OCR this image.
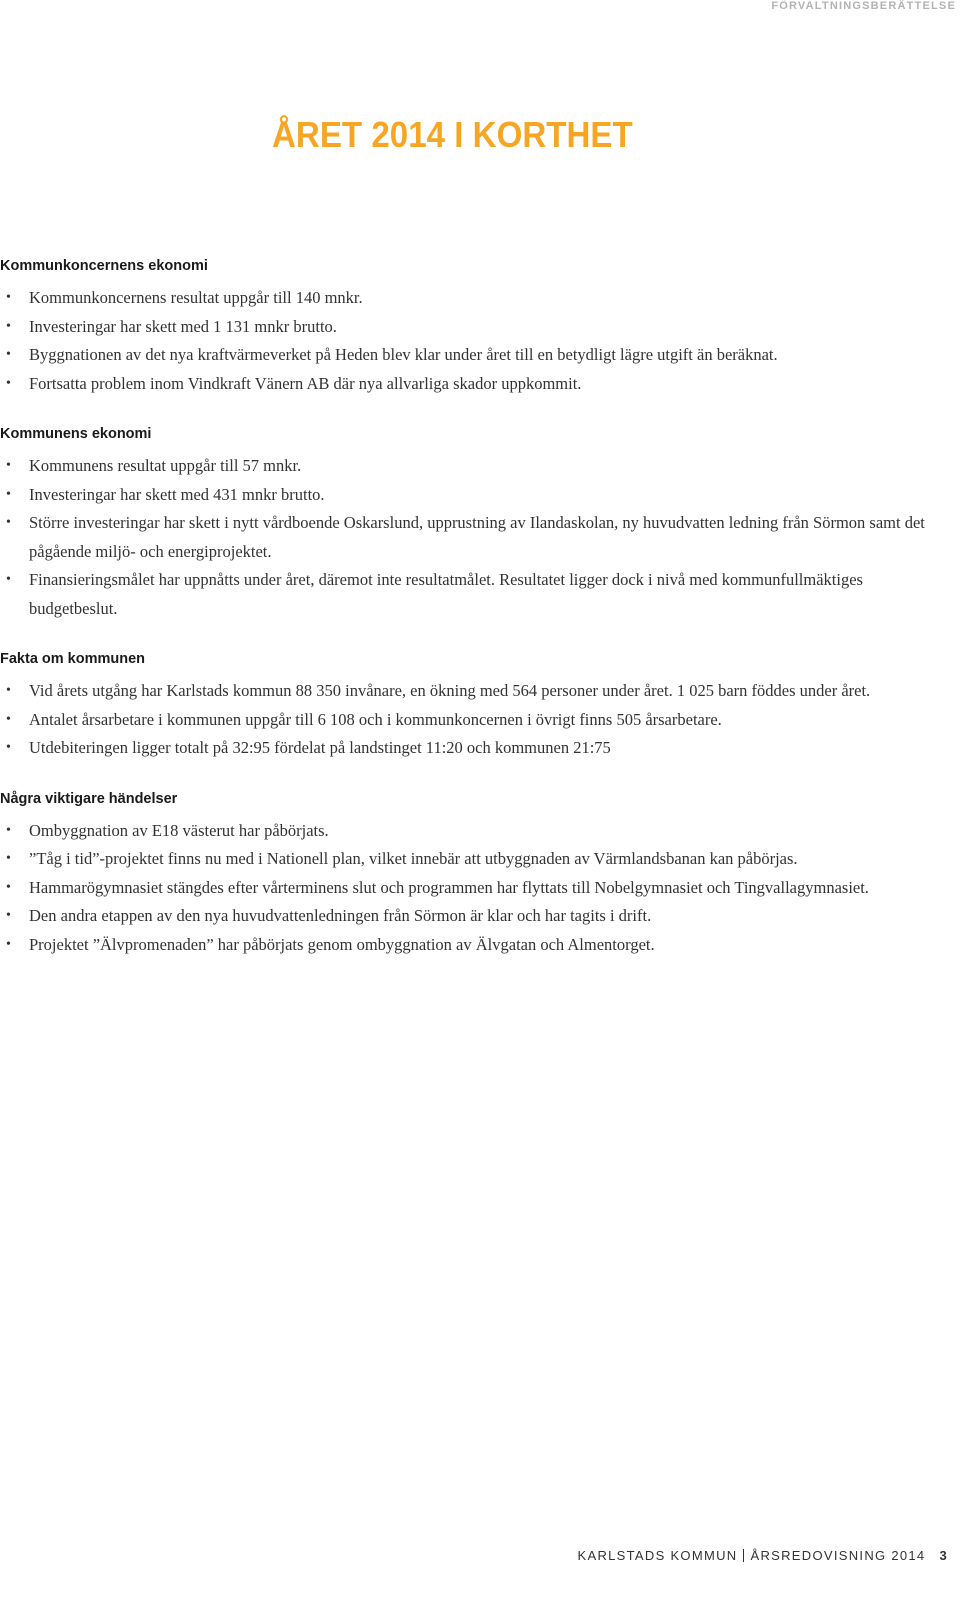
FÖRVALTNINGSBERÄTTELSE
ÅRET 2014 I KORTHET
Kommunkoncernens ekonomi
• Kommunkoncernens resultat uppgår till 140 mnkr.
• Investeringar har skett med 1 131 mnkr brutto.
• Byggnationen av det nya kraftvärmeverket på Heden blev klar under året till en betydligt lägre utgift än beräknat.
• Fortsatta problem inom Vindkraft Vänern AB där nya allvarliga skador uppkommit.
Kommunens ekonomi
• Kommunens resultat uppgår till 57 mnkr.
• Investeringar har skett med 431 mnkr brutto.
• Större investeringar har skett i nytt vårdboende Oskarslund, upprustning av Ilandaskolan, ny huvudvatten ledning från Sörmon samt det pågående miljö- och energiprojektet.
• Finansieringsmålet har uppnåtts under året, däremot inte resultatmålet. Resultatet ligger dock i nivå med kommunfullmäktiges budgetbeslut.
Fakta om kommunen
• Vid årets utgång har Karlstads kommun 88 350 invånare, en ökning med 564 personer under året. 1 025 barn föddes under året.
• Antalet årsarbetare i kommunen uppgår till 6 108 och i kommunkoncernen i övrigt finns 505 årsarbetare.
• Utdebiteringen ligger totalt på 32:95 fördelat på landstinget 11:20 och kommunen 21:75
Några viktigare händelser
• Ombyggnation av E18 västerut har påbörjats.
• ”Tåg i tid”-projektet finns nu med i Nationell plan, vilket innebär att utbyggnaden av Värmlandsbanan kan påbörjas.
• Hammarögymnasiet stängdes efter vårterminens slut och programmen har flyttats till Nobelgymnasiet och Tingvallagymnasiet.
• Den andra etappen av den nya huvudvattenledningen från Sörmon är klar och har tagits i drift.
• Projektet ”Älvpromenaden” har påbörjats genom ombyggnation av Älvgatan och Almentorget.
KARLSTADS KOMMUN ÅRSREDOVISNING 2014 3
